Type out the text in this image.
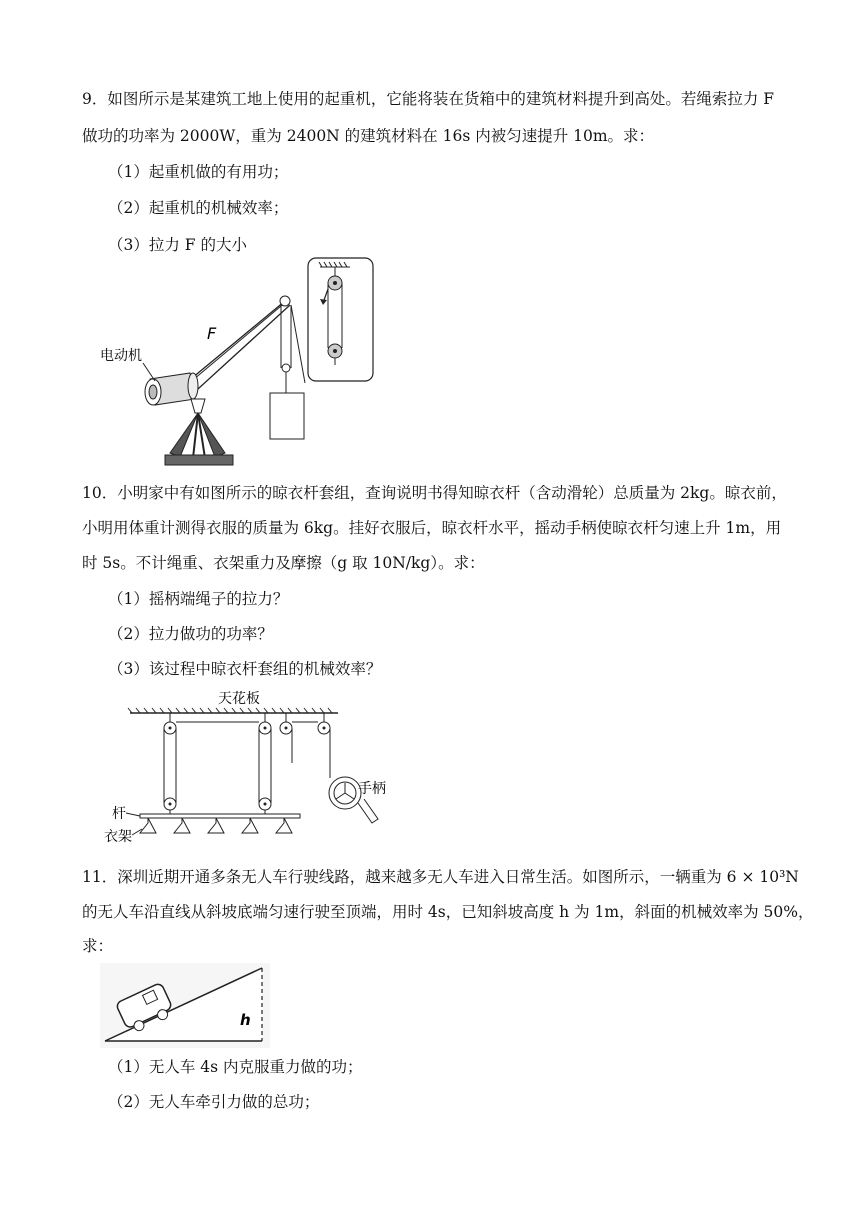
9．如图所示是某建筑工地上使用的起重机，它能将装在货箱中的建筑材料提升到高处。若绳索拉力 F
做功的功率为 2000W，重为 2400N 的建筑材料在 16s 内被匀速提升 10m。求：
（1）起重机做的有用功；
（2）起重机的机械效率；
（3）拉力 F 的大小
F
电动机
10．小明家中有如图所示的晾衣杆套组，查询说明书得知晾衣杆（含动滑轮）总质量为 2kg。晾衣前，
小明用体重计测得衣服的质量为 6kg。挂好衣服后，晾衣杆水平，摇动手柄使晾衣杆匀速上升 1m，用
时 5s。不计绳重、衣架重力及摩擦（g 取 10N/kg）。求：
（1）摇柄端绳子的拉力？
（2）拉力做功的功率？
（3）该过程中晾衣杆套组的机械效率？
天花板
手柄
杆
衣架
11．深圳近期开通多条无人车行驶线路，越来越多无人车进入日常生活。如图所示，一辆重为 6 × 10³N
的无人车沿直线从斜坡底端匀速行驶至顶端，用时 4s，已知斜坡高度 h 为 1m，斜面的机械效率为 50%，
求：
h
（1）无人车 4s 内克服重力做的功；
（2）无人车牵引力做的总功；
